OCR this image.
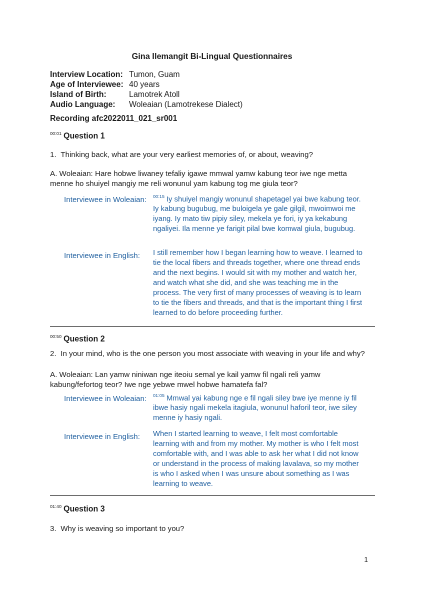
Gina Ilemangit Bi-Lingual Questionnaires
Interview Location: Tumon, Guam
Age of Interviewee: 40 years
Island of Birth:	Lamotrek Atoll
Audio Language: Woleaian (Lamotrekese Dialect)
Recording afc2022011_021_sr001
$^{00:01}$ Question 1
1. Thinking back, what are your very earliest memories of, or about, weaving?
A. Woleaian: Hare hobwe liwaney tefaliy igawe mmwal yamw kabung teor iwe nge metta menne ho shuiyel mangiy me reli wonunul yam kabung tog me giula teor?
Interviewee in Woleaian: $^{00:15}$ Iy shuiyel mangiy wonunul shapetagel yai bwe kabung teor. Iy kabung bugubug, me buloigela ye gale gilgil, mwoimwoi me iyang. Iy mato tiw pipiy siley, mekela ye fori, iy ya kekabung ngaliyei. Ila menne ye farigit pilal bwe komwal giula, bugubug.
Interviewee in English: I still remember how I began learning how to weave. I learned to tie the local fibers and threads together, where one thread ends and the next begins. I would sit with my mother and watch her, and watch what she did, and she was teaching me in the process. The very first of many processes of weaving is to learn to tie the fibers and threads, and that is the important thing I first learned to do before proceeding further.
$^{00:50}$ Question 2
2. In your mind, who is the one person you most associate with weaving in your life and why?
A. Woleaian: Lan yamw niniwan nge iteoiu semal ye kail yamw fil ngali reli yamw kabung/fefortog teor? Iwe nge yebwe mwel hobwe hamatefa fal?
Interviewee in Woleaian: $^{01:05}$ Mmwal yai kabung nge e fil ngali siley bwe iye menne iy fil ibwe hasiy ngali mekela itagiula, wonunul haforil teor, iwe siley menne iy hasiy ngali.
Interviewee in English: When I started learning to weave, I felt most comfortable learning with and from my mother. My mother is who I felt most comfortable with, and I was able to ask her what I did not know or understand in the process of making lavalava, so my mother is who I asked when I was unsure about something as I was learning to weave.
$^{01:40}$ Question 3
3. Why is weaving so important to you?
1
